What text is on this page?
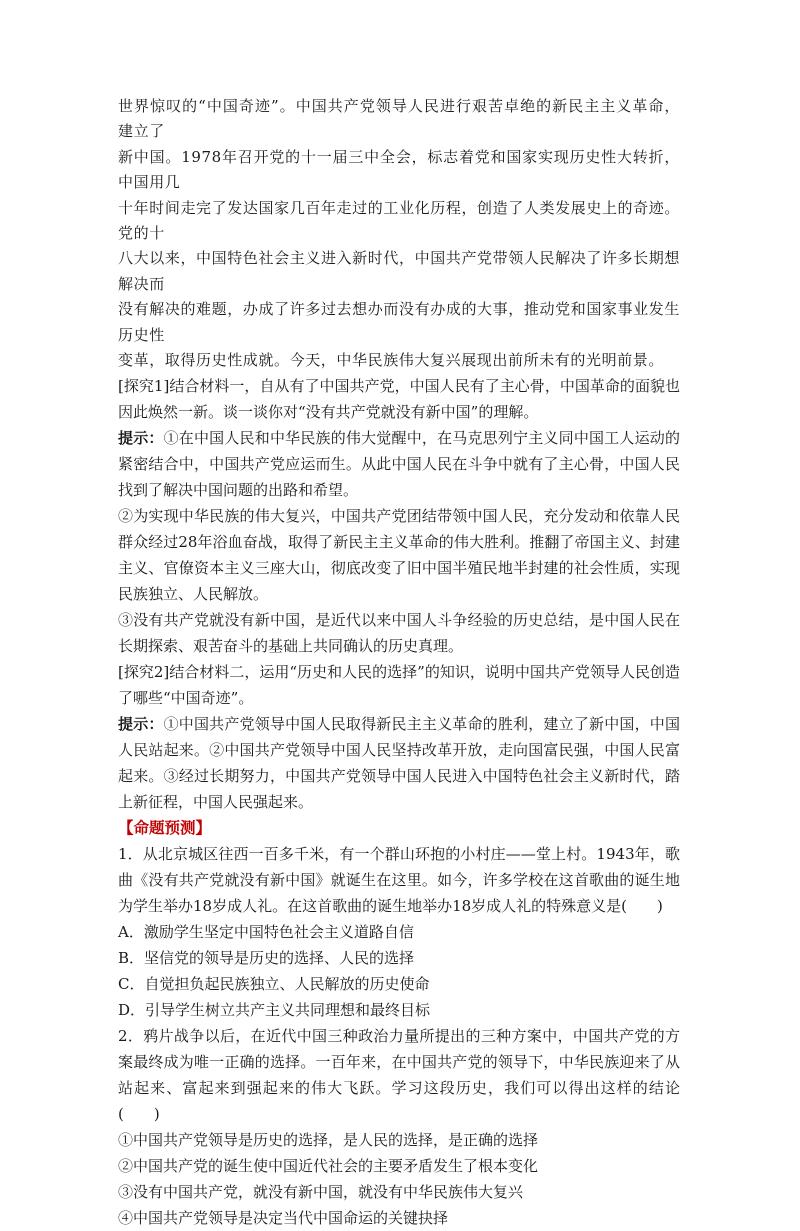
世界惊叹的“中国奇迹”。中国共产党领导人民进行艰苦卓绝的新民主主义革命，建立了

新中国。1978年召开党的十一届三中全会，标志着党和国家实现历史性大转折，中国用几

十年时间走完了发达国家几百年走过的工业化历程，创造了人类发展史上的奇迹。党的十

八大以来，中国特色社会主义进入新时代，中国共产党带领人民解决了许多长期想解决而

没有解决的难题，办成了许多过去想办而没有办成的大事，推动党和国家事业发生历史性

变革，取得历史性成就。今天，中华民族伟大复兴展现出前所未有的光明前景。

[探究1]结合材料一，自从有了中国共产党，中国人民有了主心骨，中国革命的面貌也因此焕然一新。谈一谈你对“没有共产党就没有新中国”的理解。

提示：①在中国人民和中华民族的伟大觉醒中，在马克思列宁主义同中国工人运动的紧密结合中，中国共产党应运而生。从此中国人民在斗争中就有了主心骨，中国人民找到了解决中国问题的出路和希望。

②为实现中华民族的伟大复兴，中国共产党团结带领中国人民，充分发动和依靠人民群众经过28年浴血奋战，取得了新民主主义革命的伟大胜利。推翻了帝国主义、封建主义、官僚资本主义三座大山，彻底改变了旧中国半殖民地半封建的社会性质，实现民族独立、人民解放。

③没有共产党就没有新中国，是近代以来中国人斗争经验的历史总结，是中国人民在长期探索、艰苦奋斗的基础上共同确认的历史真理。

[探究2]结合材料二，运用“历史和人民的选择”的知识，说明中国共产党领导人民创造了哪些“中国奇迹”。

提示：①中国共产党领导中国人民取得新民主主义革命的胜利，建立了新中国，中国人民站起来。②中国共产党领导中国人民坚持改革开放，走向国富民强，中国人民富起来。③经过长期努力，中国共产党领导中国人民进入中国特色社会主义新时代，踏上新征程，中国人民强起来。

【命题预测】

1．从北京城区往西一百多千米，有一个群山环抱的小村庄——堂上村。1943年，歌曲《没有共产党就没有新中国》就诞生在这里。如今，许多学校在这首歌曲的诞生地为学生举办18岁成人礼。在这首歌曲的诞生地举办18岁成人礼的特殊意义是(　　)

A．激励学生坚定中国特色社会主义道路自信

B．坚信党的领导是历史的选择、人民的选择

C．自觉担负起民族独立、人民解放的历史使命

D．引导学生树立共产主义共同理想和最终目标

2．鸦片战争以后，在近代中国三种政治力量所提出的三种方案中，中国共产党的方案最终成为唯一正确的选择。一百年来，在中国共产党的领导下，中华民族迎来了从站起来、富起来到强起来的伟大飞跃。学习这段历史，我们可以得出这样的结论(　　)

①中国共产党领导是历史的选择，是人民的选择，是正确的选择

②中国共产党的诞生使中国近代社会的主要矛盾发生了根本变化

③没有中国共产党，就没有新中国，就没有中华民族伟大复兴

④中国共产党领导是决定当代中国命运的关键抉择
